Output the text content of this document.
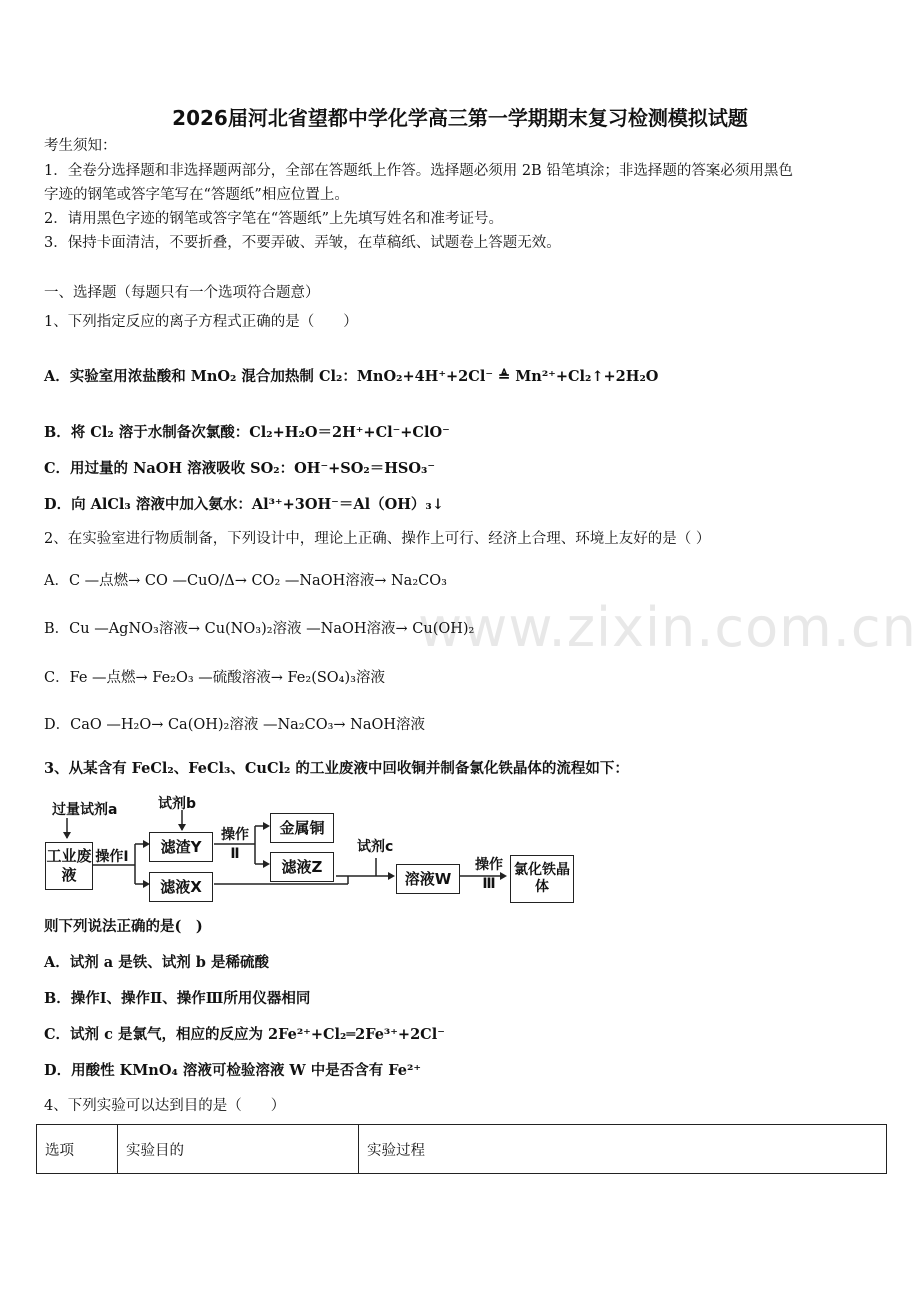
www.zixin.com.cn
2026届河北省望都中学化学高三第一学期期末复习检测模拟试题
考生须知：
1．全卷分选择题和非选择题两部分，全部在答题纸上作答。选择题必须用 2B 铅笔填涂；非选择题的答案必须用黑色
字迹的钢笔或答字笔写在“答题纸”相应位置上。
2．请用黑色字迹的钢笔或答字笔在“答题纸”上先填写姓名和准考证号。
3．保持卡面清洁，不要折叠，不要弄破、弄皱，在草稿纸、试题卷上答题无效。
一、选择题（每题只有一个选项符合题意）
1、下列指定反应的离子方程式正确的是（　　）
A．实验室用浓盐酸和 MnO₂ 混合加热制 Cl₂：MnO₂+4H⁺+2Cl⁻ ≜ Mn²⁺+Cl₂↑+2H₂O
B．将 Cl₂ 溶于水制备次氯酸：Cl₂+H₂O＝2H⁺+Cl⁻+ClO⁻
C．用过量的 NaOH 溶液吸收 SO₂：OH⁻+SO₂＝HSO₃⁻
D．向 AlCl₃ 溶液中加入氨水：Al³⁺+3OH⁻＝Al（OH）₃↓
2、在实验室进行物质制备，下列设计中，理论上正确、操作上可行、经济上合理、环境上友好的是（ ）
A．C —点燃→ CO —CuO/Δ→ CO₂ —NaOH溶液→ Na₂CO₃
B．Cu —AgNO₃溶液→ Cu(NO₃)₂溶液 —NaOH溶液→ Cu(OH)₂
C．Fe —点燃→ Fe₂O₃ —硫酸溶液→ Fe₂(SO₄)₃溶液
D．CaO —H₂O→ Ca(OH)₂溶液 —Na₂CO₃→ NaOH溶液
3、从某含有 FeCl₂、FeCl₃、CuCl₂ 的工业废液中回收铜并制备氯化铁晶体的流程如下：
过量试剂a	试剂b
试剂c
工业废液
滤渣Y
滤液X
金属铜
滤液Z
溶液W
氯化铁晶体
操作Ⅰ
操作Ⅱ
操作Ⅲ
则下列说法正确的是(　)
A．试剂 a 是铁、试剂 b 是稀硫酸
B．操作Ⅰ、操作Ⅱ、操作Ⅲ所用仪器相同
C．试剂 c 是氯气，相应的反应为 2Fe²⁺+Cl₂═2Fe³⁺+2Cl⁻
D．用酸性 KMnO₄ 溶液可检验溶液 W 中是否含有 Fe²⁺
4、下列实验可以达到目的是（　　）
选项	实验目的	实验过程
